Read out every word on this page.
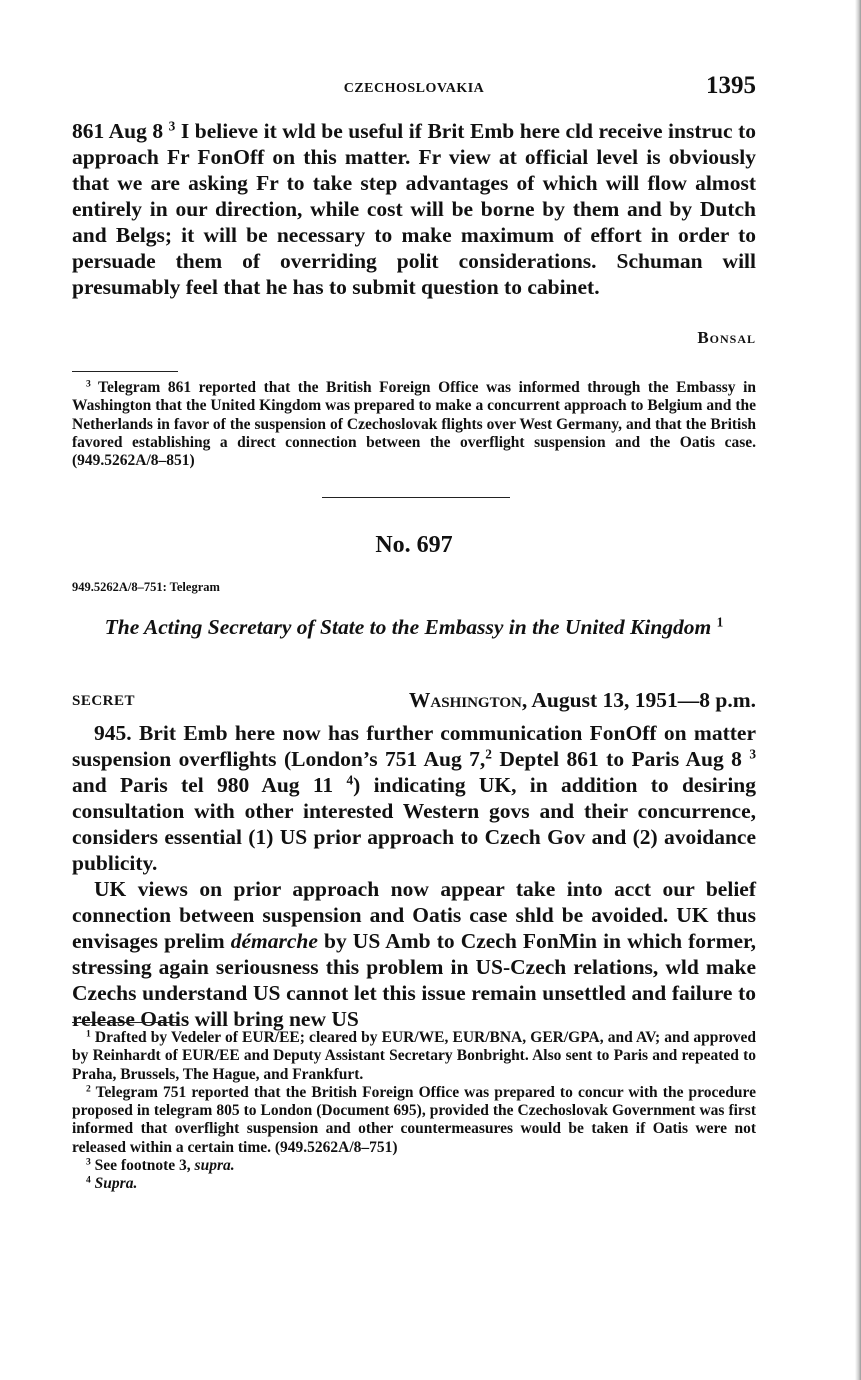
CZECHOSLOVAKIA	1395

861 Aug 8 $^3$ I believe it wld be useful if Brit Emb here cld receive instruc to approach Fr FonOff on this matter. Fr view at official level is obviously that we are asking Fr to take step advantages of which will flow almost entirely in our direction, while cost will be borne by them and by Dutch and Belgs; it will be necessary to make maximum of effort in order to persuade them of overriding polit considerations. Schuman will presumably feel that he has to submit question to cabinet.

Bonsal

$^3$ Telegram 861 reported that the British Foreign Office was informed through the Embassy in Washington that the United Kingdom was prepared to make a concurrent approach to Belgium and the Netherlands in favor of the suspension of Czechoslovak flights over West Germany, and that the British favored establishing a direct connection between the overflight suspension and the Oatis case. (949.5262A/8–851)

No. 697
949.5262A/8–751: Telegram

The Acting Secretary of State to the Embassy in the United Kingdom $^1$

SECRET	Washington, August 13, 1951—8 p.m.

945. Brit Emb here now has further communication FonOff on matter suspension overflights (London’s 751 Aug 7,$^2$ Deptel 861 to Paris Aug 8 $^3$ and Paris tel 980 Aug 11 $^4$) indicating UK, in addition to desiring consultation with other interested Western govs and their concurrence, considers essential (1) US prior approach to Czech Gov and (2) avoidance publicity.

UK views on prior approach now appear take into acct our belief connection between suspension and Oatis case shld be avoided. UK thus envisages prelim démarche by US Amb to Czech FonMin in which former, stressing again seriousness this problem in US-Czech relations, wld make Czechs understand US cannot let this issue remain unsettled and failure to release Oatis will bring new US

$^1$ Drafted by Vedeler of EUR/EE; cleared by EUR/WE, EUR/BNA, GER/GPA, and AV; and approved by Reinhardt of EUR/EE and Deputy Assistant Secretary Bonbright. Also sent to Paris and repeated to Praha, Brussels, The Hague, and Frankfurt.

$^2$ Telegram 751 reported that the British Foreign Office was prepared to concur with the procedure proposed in telegram 805 to London (Document 695), provided the Czechoslovak Government was first informed that overflight suspension and other countermeasures would be taken if Oatis were not released within a certain time. (949.5262A/8–751)

$^3$ See footnote 3, supra.

$^4$ Supra.
